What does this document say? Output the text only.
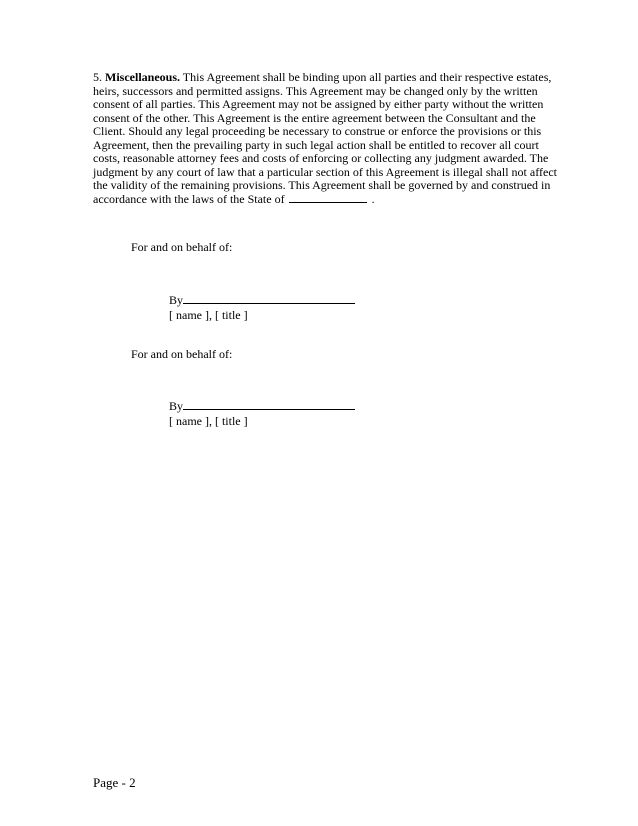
5. Miscellaneous. This Agreement shall be binding upon all parties and their respective estates,
heirs, successors and permitted assigns. This Agreement may be changed only by the written
consent of all parties. This Agreement may not be assigned by either party without the written
consent of the other. This Agreement is the entire agreement between the Consultant and the
Client. Should any legal proceeding be necessary to construe or enforce the provisions or this
Agreement, then the prevailing party in such legal action shall be entitled to recover all court
costs, reasonable attorney fees and costs of enforcing or collecting any judgment awarded. The
judgment by any court of law that a particular section of this Agreement is illegal shall not affect
the validity of the remaining provisions. This Agreement shall be governed by and construed in
accordance with the laws of the State of	.

For and on behalf of:
By
[ name ], [ title ]
For and on behalf of:
By
[ name ], [ title ]
Page - 2
